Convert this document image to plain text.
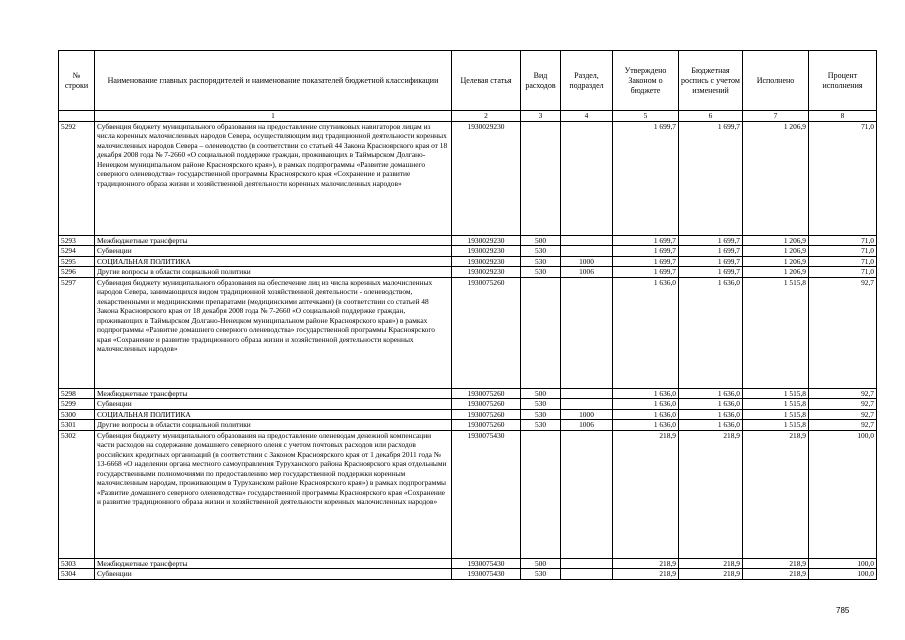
№ строки	Наименование главных распорядителей и наименование показателей бюджетной классификации	Целевая статья	Вид расходов	Раздел, подраздел	Утверждено Законом о бюджете	Бюджетная роспись с учетом изменений	Исполнено	Процент исполнения
	1	2	3	4	5	6	7	8
5292	Субвенция бюджету муниципального образования на предоставление спутниковых навигаторов лицам из числа коренных малочисленных народов Севера, осуществляющим вид традиционной деятельности коренных малочисленных народов Севера – оленеводство (в соответствии со статьей 44 Закона Красноярского края от 18 декабря 2008 года № 7-2660 «О социальной поддержке граждан, проживающих в Таймырском Долгано-Ненецком муниципальном районе Красноярского края»), в рамках подпрограммы «Развитие домашнего северного оленеводства» государственной программы Красноярского края «Сохранение и развитие традиционного образа жизни и хозяйственной деятельности коренных малочисленных народов»	1930029230			1 699,7	1 699,7	1 206,9	71,0
5293	Межбюджетные трансферты	1930029230	500		1 699,7	1 699,7	1 206,9	71,0
5294	Субвенции	1930029230	530		1 699,7	1 699,7	1 206,9	71,0
5295	СОЦИАЛЬНАЯ ПОЛИТИКА	1930029230	530	1000	1 699,7	1 699,7	1 206,9	71,0
5296	Другие вопросы в области социальной политики	1930029230	530	1006	1 699,7	1 699,7	1 206,9	71,0
5297	Субвенция бюджету муниципального образования на обеспечение лиц из числа коренных малочисленных народов Севера, занимающихся видом традиционной хозяйственной деятельности - оленеводством, лекарственными и медицинскими препаратами (медицинскими аптечками) (в соответствии со статьей 48 Закона Красноярского края от 18 декабря 2008 года № 7-2660 «О социальной поддержке граждан, проживающих в Таймырском Долгано-Ненецком муниципальном районе Красноярского края») в рамках подпрограммы «Развитие домашнего северного оленеводства» государственной программы Красноярского края «Сохранение и развитие традиционного образа жизни и хозяйственной деятельности коренных малочисленных народов»	1930075260			1 636,0	1 636,0	1 515,8	92,7
5298	Межбюджетные трансферты	1930075260	500		1 636,0	1 636,0	1 515,8	92,7
5299	Субвенции	1930075260	530		1 636,0	1 636,0	1 515,8	92,7
5300	СОЦИАЛЬНАЯ ПОЛИТИКА	1930075260	530	1000	1 636,0	1 636,0	1 515,8	92,7
5301	Другие вопросы в области социальной политики	1930075260	530	1006	1 636,0	1 636,0	1 515,8	92,7
5302	Субвенция бюджету муниципального образования на предоставление оленеводам денежной компенсации части расходов на содержание домашнего северного оленя с учетом почтовых расходов или расходов российских кредитных организаций (в соответствии с Законом Красноярского края от 1 декабря 2011 года № 13-6668 «О наделении органа местного самоуправления Туруханского района Красноярского края отдельными государственными полномочиями по предоставлению мер государственной поддержки коренным малочисленным народам, проживающим в Туруханском районе Красноярского края») в рамках подпрограммы «Развитие домашнего северного оленеводства» государственной программы Красноярского края «Сохранение и развитие традиционного образа жизни и хозяйственной деятельности коренных малочисленных народов»	1930075430			218,9	218,9	218,9	100,0
5303	Межбюджетные трансферты	1930075430	500		218,9	218,9	218,9	100,0
5304	Субвенции	1930075430	530		218,9	218,9	218,9	100,0
785
